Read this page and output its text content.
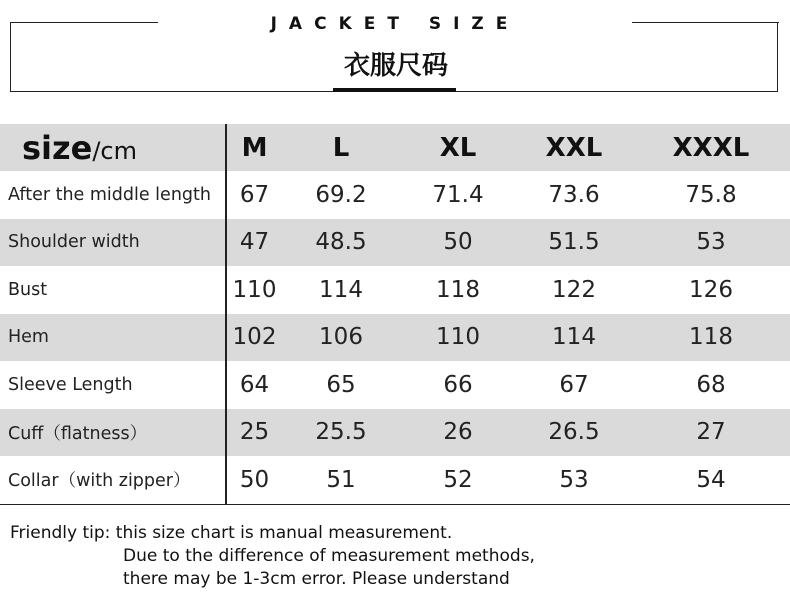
JACKET SIZE
衣服尺码
size/cm	M	L	XL	XXL	XXXL
After the middle length	67	69.2	71.4	73.6	75.8
Shoulder width	47	48.5	50	51.5	53
Bust	110	114	118	122	126
Hem	102	106	110	114	118
Sleeve Length	64	65	66	67	68
Cuff（flatness）	25	25.5	26	26.5	27
Collar（with zipper）	50	51	52	53	54
Friendly tip: this size chart is manual measurement.
Due to the difference of measurement methods,
there may be 1-3cm error. Please understand
